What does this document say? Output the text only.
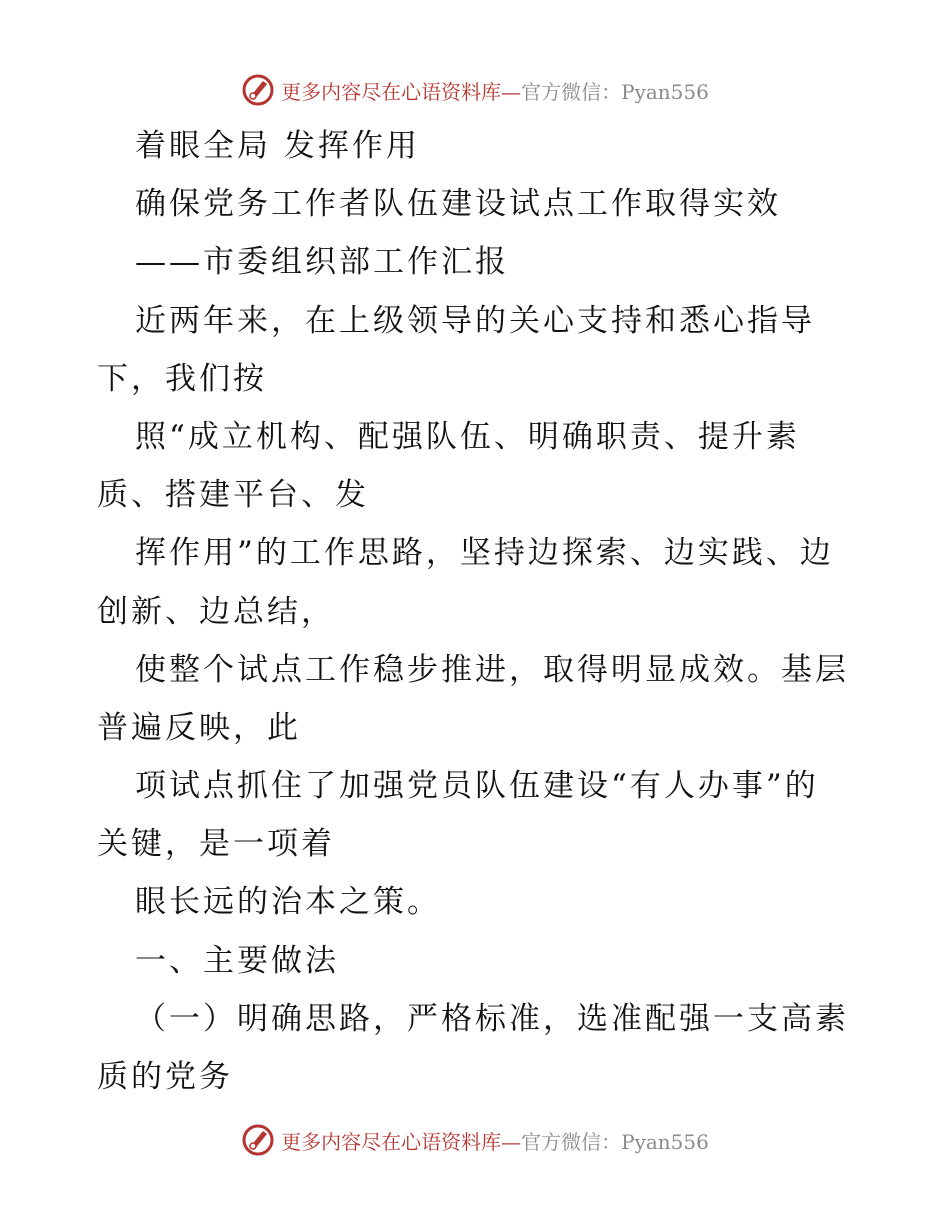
更多内容尽在心语资料库—官方微信：Pyan556
着眼全局 发挥作用
确保党务工作者队伍建设试点工作取得实效
——市委组织部工作汇报
近两年来，在上级领导的关心支持和悉心指导
下，我们按
照“成立机构、配强队伍、明确职责、提升素
质、搭建平台、发
挥作用”的工作思路，坚持边探索、边实践、边
创新、边总结，
使整个试点工作稳步推进，取得明显成效。基层
普遍反映，此
项试点抓住了加强党员队伍建设“有人办事”的
关键，是一项着
眼长远的治本之策。
一、主要做法
（一）明确思路，严格标准，选准配强一支高素
质的党务
更多内容尽在心语资料库—官方微信：Pyan556
